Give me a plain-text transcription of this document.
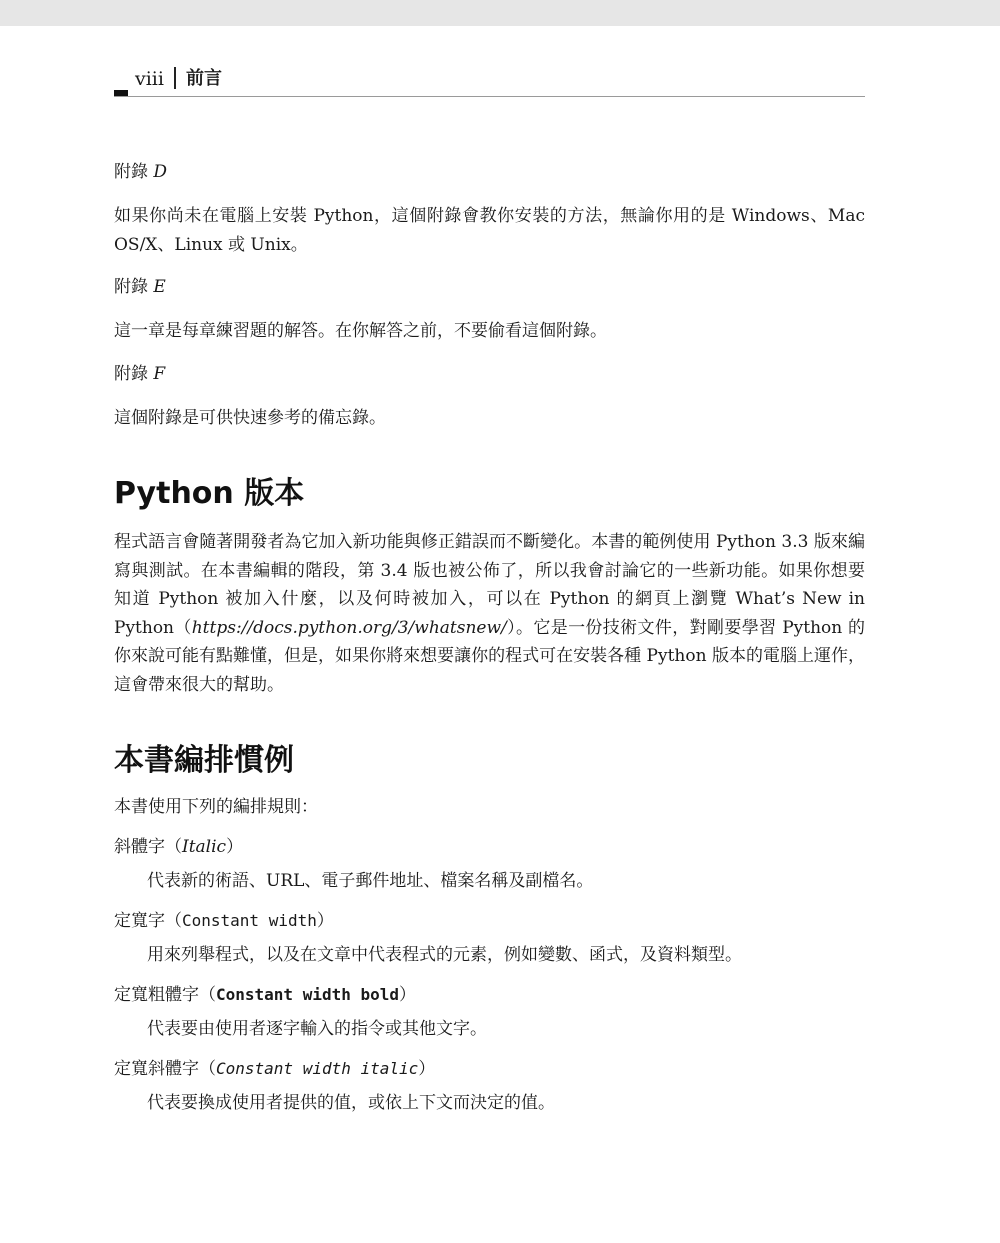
viii 前言
附錄 D
如果你尚未在電腦上安裝 Python，這個附錄會教你安裝的方法，無論你用的是 Windows、Mac OS/X、Linux 或 Unix。
附錄 E
這一章是每章練習題的解答。在你解答之前，不要偷看這個附錄。
附錄 F
這個附錄是可供快速參考的備忘錄。
Python 版本
程式語言會隨著開發者為它加入新功能與修正錯誤而不斷變化。本書的範例使用 Python 3.3 版來編寫與測試。在本書編輯的階段，第 3.4 版也被公佈了，所以我會討論它的一些新功能。如果你想要知道 Python 被加入什麼，以及何時被加入，可以在 Python 的網頁上瀏覽 What’s New in Python（https://docs.python.org/3/whatsnew/）。它是一份技術文件，對剛要學習 Python 的你來說可能有點難懂，但是，如果你將來想要讓你的程式可在安裝各種 Python 版本的電腦上運作，這會帶來很大的幫助。
本書編排慣例
本書使用下列的編排規則：
斜體字（Italic）
代表新的術語、URL、電子郵件地址、檔案名稱及副檔名。
定寬字（Constant width）
用來列舉程式，以及在文章中代表程式的元素，例如變數、函式，及資料類型。
定寬粗體字（Constant width bold）
代表要由使用者逐字輸入的指令或其他文字。
定寬斜體字（Constant width italic）
代表要換成使用者提供的值，或依上下文而決定的值。
